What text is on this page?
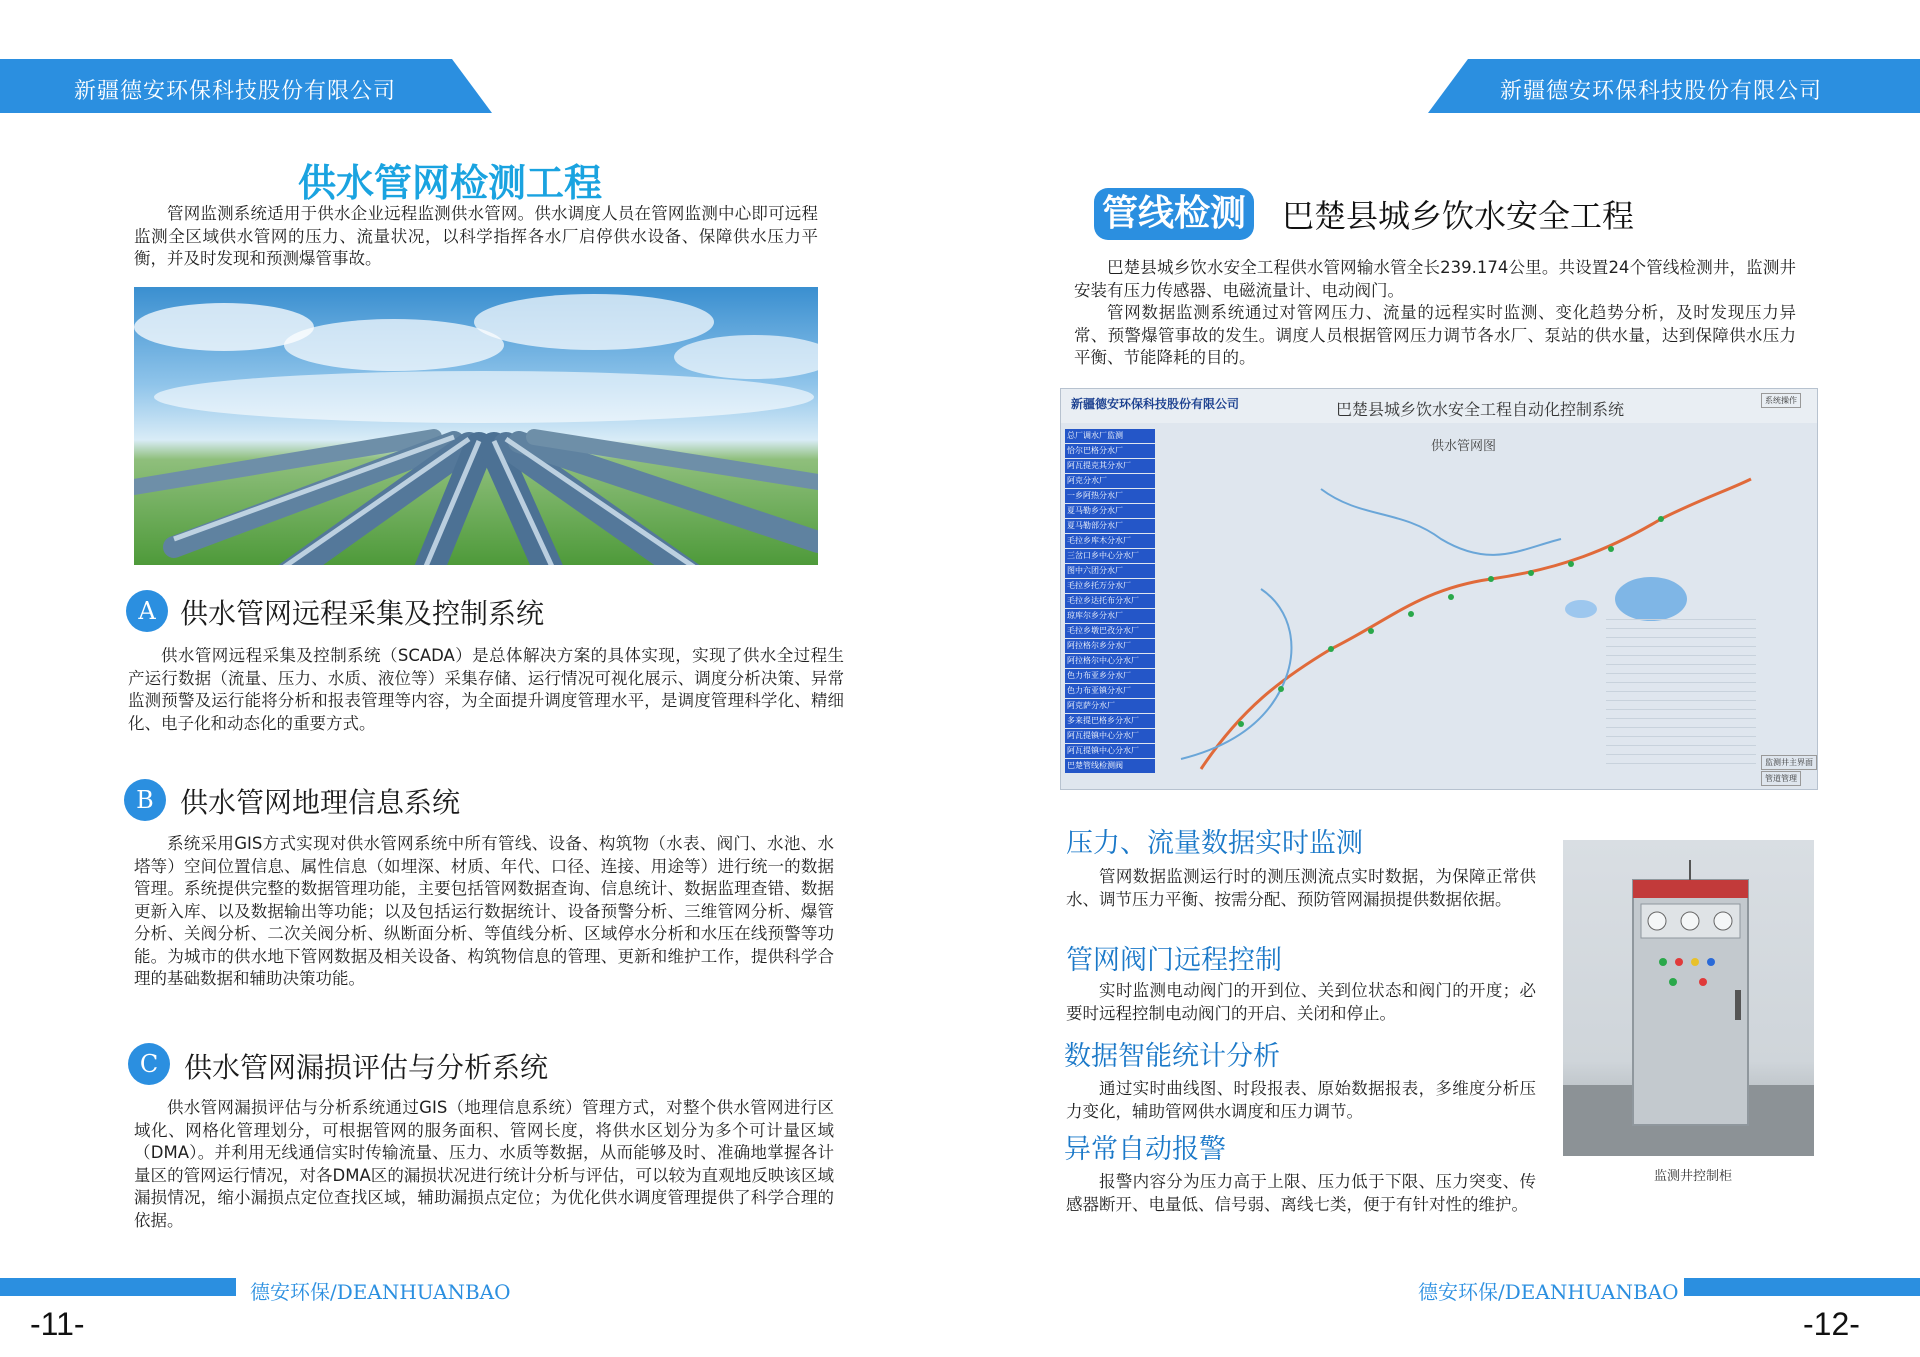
新疆德安环保科技股份有限公司	新疆德安环保科技股份有限公司
供水管网检测工程
管网监测系统适用于供水企业远程监测供水管网。供水调度人员在管网监测中心即可远程监测全区域供水管网的压力、流量状况，以科学指挥各水厂启停供水设备、保障供水压力平衡，并及时发现和预测爆管事故。
A 供水管网远程采集及控制系统
供水管网远程采集及控制系统（SCADA）是总体解决方案的具体实现，实现了供水全过程生产运行数据（流量、压力、水质、液位等）采集存储、运行情况可视化展示、调度分析决策、异常监测预警及运行能将分析和报表管理等内容，为全面提升调度管理水平，是调度管理科学化、精细化、电子化和动态化的重要方式。
B 供水管网地理信息系统
系统采用GIS方式实现对供水管网系统中所有管线、设备、构筑物（水表、阀门、水池、水塔等）空间位置信息、属性信息（如埋深、材质、年代、口径、连接、用途等）进行统一的数据管理。系统提供完整的数据管理功能，主要包括管网数据查询、信息统计、数据监理查错、数据更新入库、以及数据输出等功能；以及包括运行数据统计、设备预警分析、三维管网分析、爆管分析、关阀分析、二次关阀分析、纵断面分析、等值线分析、区域停水分析和水压在线预警等功能。为城市的供水地下管网数据及相关设备、构筑物信息的管理、更新和维护工作，提供科学合理的基础数据和辅助决策功能。
C 供水管网漏损评估与分析系统
供水管网漏损评估与分析系统通过GIS（地理信息系统）管理方式，对整个供水管网进行区域化、网格化管理划分，可根据管网的服务面积、管网长度，将供水区划分为多个可计量区域（DMA）。并利用无线通信实时传输流量、压力、水质等数据，从而能够及时、准确地掌握各计量区的管网运行情况，对各DMA区的漏损状况进行统计分析与评估，可以较为直观地反映该区域漏损情况，缩小漏损点定位查找区域，辅助漏损点定位；为优化供水调度管理提供了科学合理的依据。
德安环保/DEANHUANBAO
-11-
管线检测 巴楚县城乡饮水安全工程
巴楚县城乡饮水安全工程供水管网输水管全长239.174公里。共设置24个管线检测井，监测井安装有压力传感器、电磁流量计、电动阀门。
管网数据监测系统通过对管网压力、流量的远程实时监测、变化趋势分析，及时发现压力异常、预警爆管事故的发生。调度人员根据管网压力调节各水厂、泵站的供水量，达到保障供水压力平衡、节能降耗的目的。
新疆德安环保科技股份有限公司	巴楚县城乡饮水安全工程自动化控制系统
供水管网图
总厂调水厂监测
恰尔巴格分水厂
阿瓦提克其分水厂
阿克分水厂
一乡阿热分水厂
夏马勒乡分水厂
夏马勒部分水厂
毛拉乡库木分水厂
三岔口乡中心分水厂
图中六团分水厂
毛拉乡托万分水厂
毛拉乡达托布分水厂
琼库尔乡分水厂
毛拉乡墩巴孜分水厂
阿拉格尔乡分水厂
阿拉格尔中心分水厂
色力布亚乡分水厂
色力布亚镇分水厂
阿克萨分水厂
多来提巴格乡分水厂
阿瓦提镇中心分水厂
阿瓦提镇中心分水厂
巴楚管线检测阀
系统操作
监测井主界面
管道管理
压力、流量数据实时监测
管网数据监测运行时的测压测流点实时数据，为保障正常供水、调节压力平衡、按需分配、预防管网漏损提供数据依据。
管网阀门远程控制
实时监测电动阀门的开到位、关到位状态和阀门的开度；必要时远程控制电动阀门的开启、关闭和停止。
数据智能统计分析
通过实时曲线图、时段报表、原始数据报表，多维度分析压力变化，辅助管网供水调度和压力调节。
异常自动报警
报警内容分为压力高于上限、压力低于下限、压力突变、传感器断开、电量低、信号弱、离线七类，便于有针对性的维护。
监测井控制柜
德安环保/DEANHUANBAO
-12-
